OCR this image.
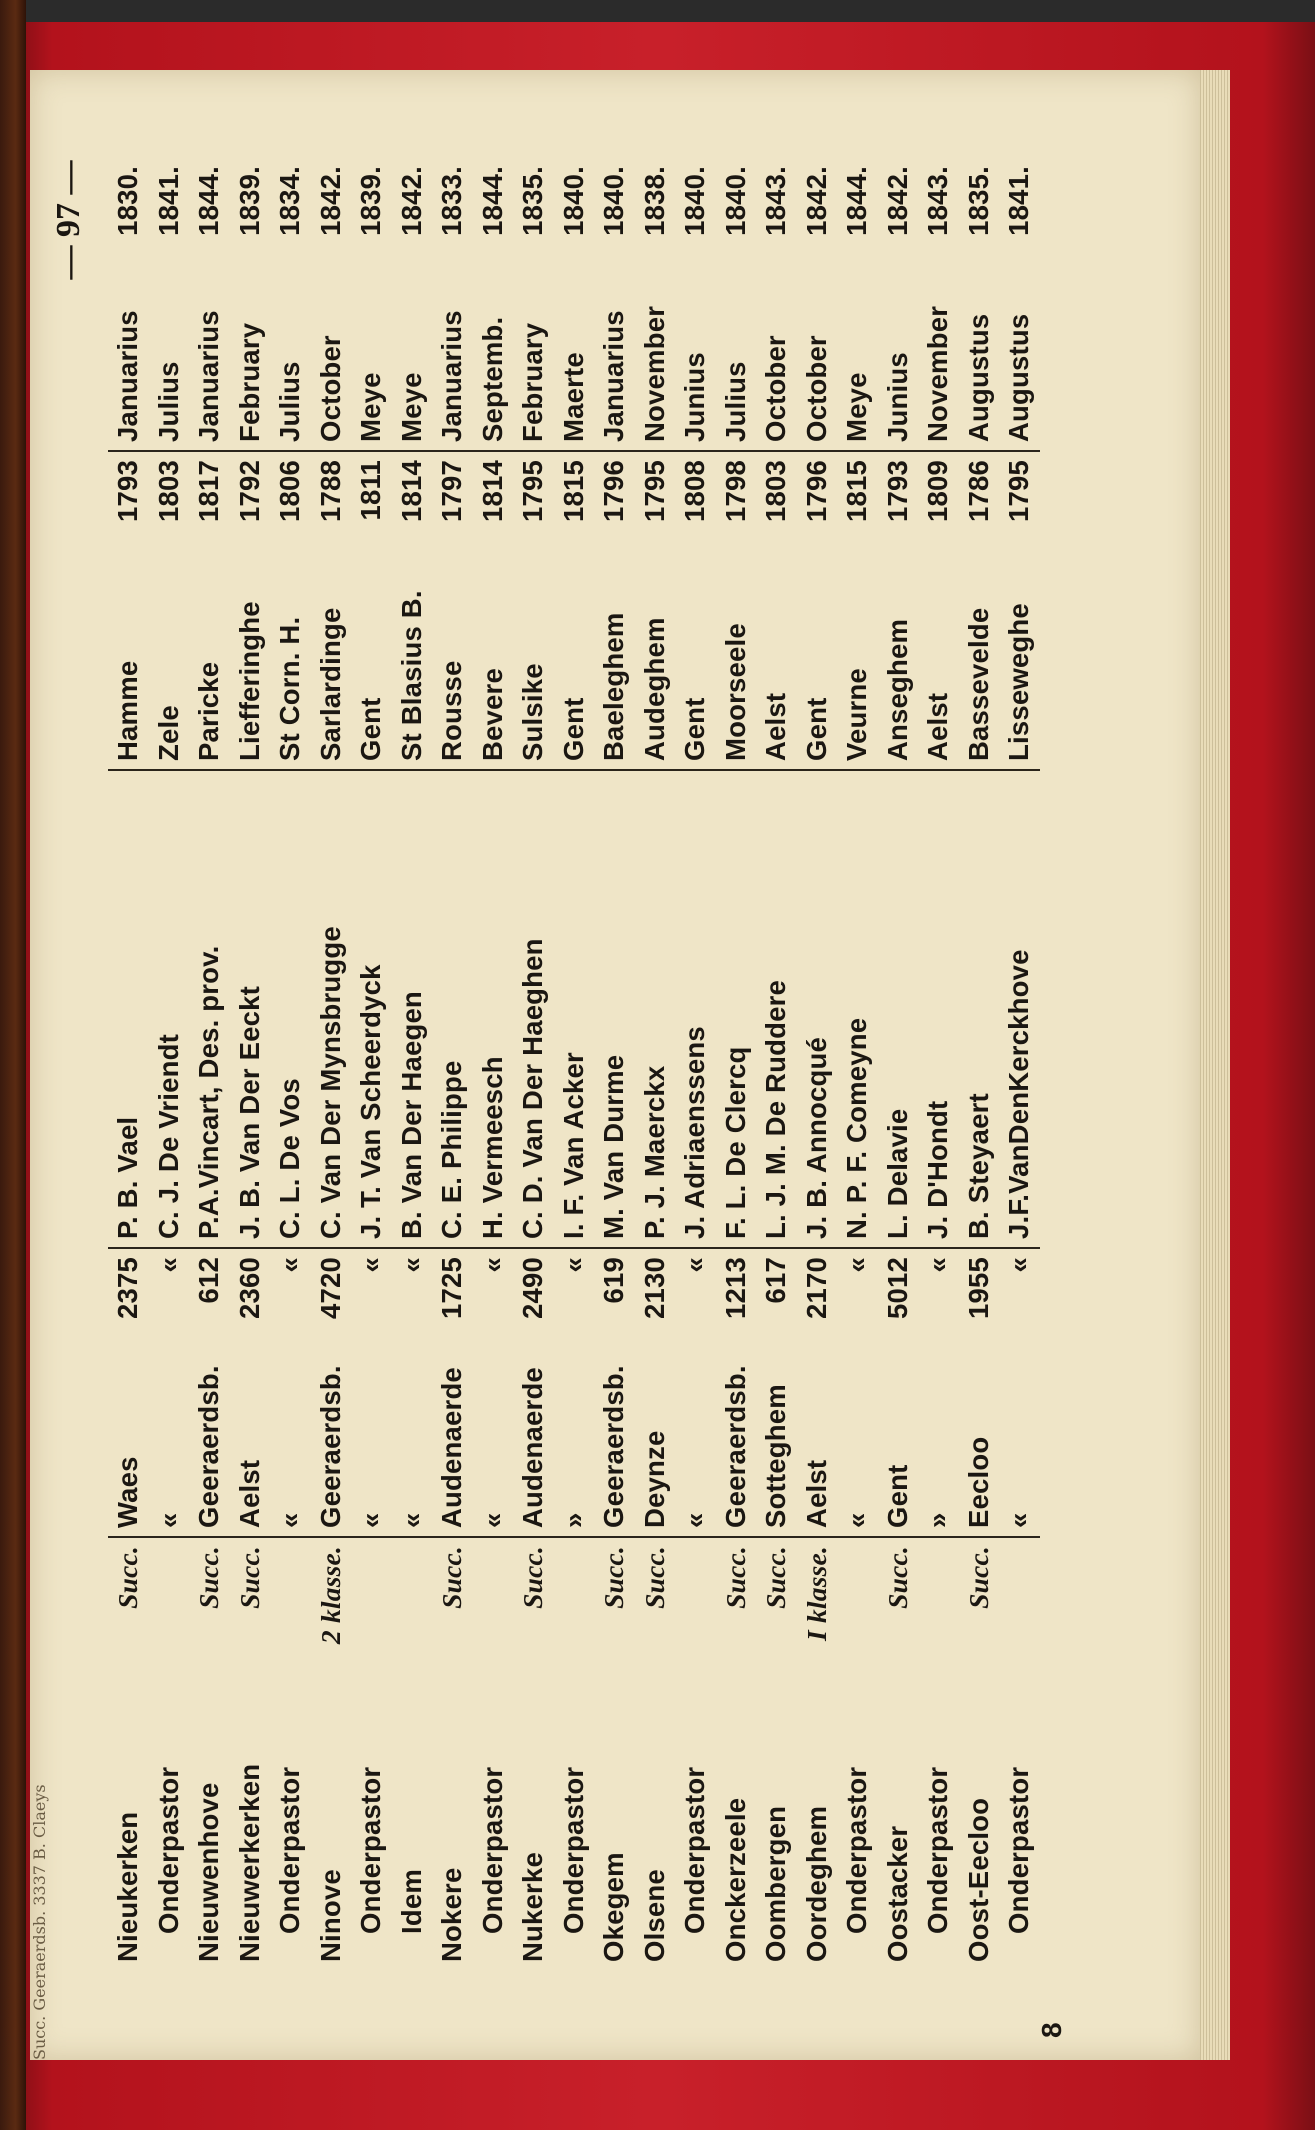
Succ. Geeraerdsb. 3337 B. Claeys
— 97 —
Nieukerken	Succ.	Waes	2375	P. B. Vael	Hamme	1793	Januarius	1830.
Onderpastor		«	«	C. J. De Vriendt	Zele	1803	Julius	1841.
Nieuwenhove	Succ.	Geeraerdsb.	612	P.A.Vincart, Des. prov.	Paricke	1817	Januarius	1844.
Nieuwerkerken	Succ.	Aelst	2360	J. B. Van Der Eeckt	Liefferinghe	1792	February	1839.
Onderpastor		«	«	C. L. De Vos	St Corn. H.	1806	Julius	1834.
Ninove	2 klasse.	Geeraerdsb.	4720	C. Van Der Mynsbrugge	Sarlardinge	1788	October	1842.
Onderpastor		«	«	J. T. Van Scheerdyck	Gent	1811	Meye	1839.
Idem		«	«	B. Van Der Haegen	St Blasius B.	1814	Meye	1842.
Nokere	Succ.	Audenaerde	1725	C. E. Philippe	Rousse	1797	Januarius	1833.
Onderpastor		«	«	H. Vermeesch	Bevere	1814	Septemb.	1844.
Nukerke	Succ.	Audenaerde	2490	C. D. Van Der Haeghen	Sulsike	1795	February	1835.
Onderpastor		»	«	I. F. Van Acker	Gent	1815	Maerte	1840.
Okegem	Succ.	Geeraerdsb.	619	M. Van Durme	Baeleghem	1796	Januarius	1840.
Olsene	Succ.	Deynze	2130	P. J. Maerckx	Audeghem	1795	November	1838.
Onderpastor		«	«	J. Adriaenssens	Gent	1808	Junius	1840.
Onckerzeele	Succ.	Geeraerdsb.	1213	F. L. De Clercq	Moorseele	1798	Julius	1840.
Oombergen	Succ.	Sotteghem	617	L. J. M. De Ruddere	Aelst	1803	October	1843.
Oordeghem	I klasse.	Aelst	2170	J. B. Annocqué	Gent	1796	October	1842.
Onderpastor		«	«	N. P. F. Comeyne	Veurne	1815	Meye	1844.
Oostacker	Succ.	Gent	5012	L. Delavie	Anseghem	1793	Junius	1842.
Onderpastor		»	«	J. D'Hondt	Aelst	1809	November	1843.
Oost-Eecloo	Succ.	Eecloo	1955	B. Steyaert	Basseveldе	1786	Augustus	1835.
Onderpastor		«	«	J.F.VanDenKerckhove	Lisseweghe	1795	Augustus	1841.
8
